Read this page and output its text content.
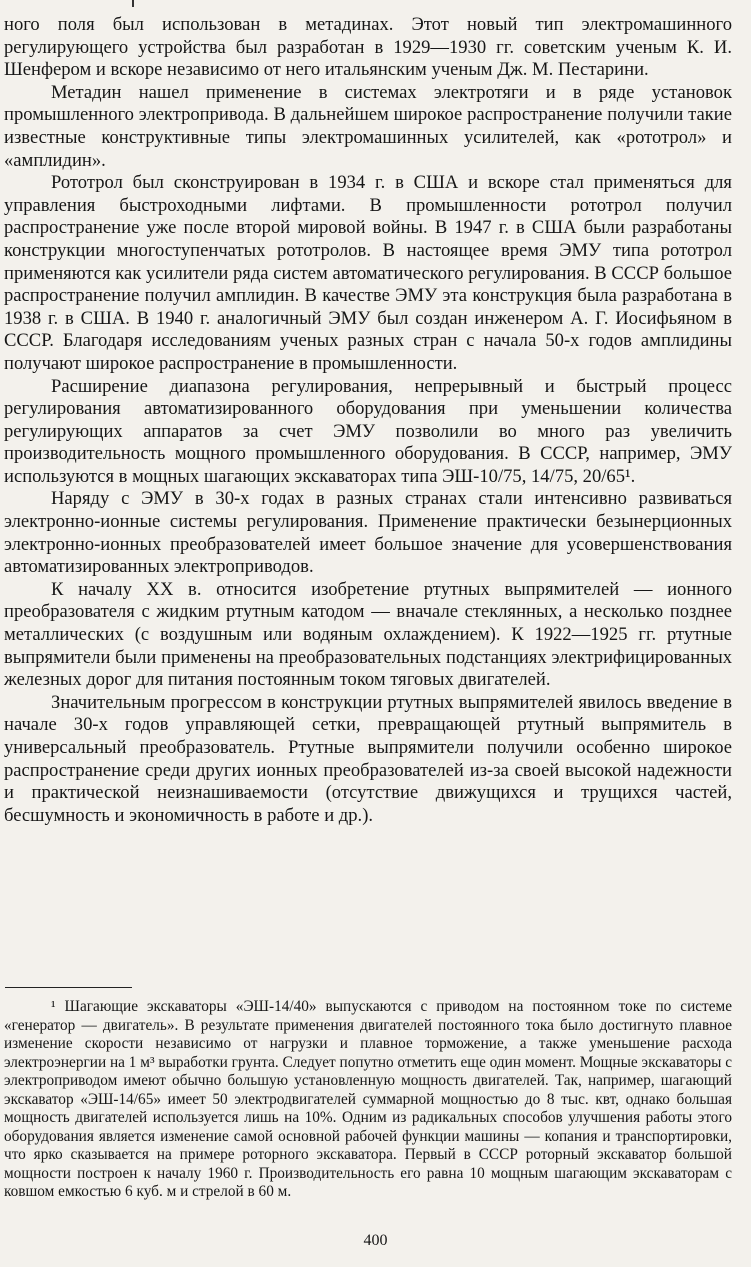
ного поля был использован в метадинах. Этот новый тип электромашинного регулирующего устройства был разработан в 1929—1930 гг. советским ученым К. И. Шенфером и вскоре независимо от него итальянским ученым Дж. М. Пестарини.

Метадин нашел применение в системах электротяги и в ряде установок промышленного электропривода. В дальнейшем широкое распространение получили такие известные конструктивные типы электромашинных усилителей, как «рототрол» и «амплидин».

Рототрол был сконструирован в 1934 г. в США и вскоре стал применяться для управления быстроходными лифтами. В промышленности рототрол получил распространение уже после второй мировой войны. В 1947 г. в США были разработаны конструкции многоступенчатых рототролов. В настоящее время ЭМУ типа рототрол применяются как усилители ряда систем автоматического регулирования. В СССР большое распространение получил амплидин. В качестве ЭМУ эта конструкция была разработана в 1938 г. в США. В 1940 г. аналогичный ЭМУ был создан инженером А. Г. Иосифьяном в СССР. Благодаря исследованиям ученых разных стран с начала 50-х годов амплидины получают широкое распространение в промышленности.

Расширение диапазона регулирования, непрерывный и быстрый процесс регулирования автоматизированного оборудования при уменьшении количества регулирующих аппаратов за счет ЭМУ позволили во много раз увеличить производительность мощного промышленного оборудования. В СССР, например, ЭМУ используются в мощных шагающих экскаваторах типа ЭШ-10/75, 14/75, 20/65¹.

Наряду с ЭМУ в 30-х годах в разных странах стали интенсивно развиваться электронно-ионные системы регулирования. Применение практически безынерционных электронно-ионных преобразователей имеет большое значение для усовершенствования автоматизированных электроприводов.

К началу XX в. относится изобретение ртутных выпрямителей — ионного преобразователя с жидким ртутным катодом — вначале стеклянных, а несколько позднее металлических (с воздушным или водяным охлаждением). К 1922—1925 гг. ртутные выпрямители были применены на преобразовательных подстанциях электрифицированных железных дорог для питания постоянным током тяговых двигателей.

Значительным прогрессом в конструкции ртутных выпрямителей явилось введение в начале 30-х годов управляющей сетки, превращающей ртутный выпрямитель в универсальный преобразователь. Ртутные выпрямители получили особенно широкое распространение среди других ионных преобразователей из-за своей высокой надежности и практической неизнашиваемости (отсутствие движущихся и трущихся частей, бесшумность и экономичность в работе и др.).

¹ Шагающие экскаваторы «ЭШ-14/40» выпускаются с приводом на постоянном токе по системе «генератор — двигатель». В результате применения двигателей постоянного тока было достигнуто плавное изменение скорости независимо от нагрузки и плавное торможение, а также уменьшение расхода электроэнергии на 1 м³ выработки грунта. Следует попутно отметить еще один момент. Мощные экскаваторы с электроприводом имеют обычно большую установленную мощность двигателей. Так, например, шагающий экскаватор «ЭШ-14/65» имеет 50 электродвигателей суммарной мощностью до 8 тыс. квт, однако большая мощность двигателей используется лишь на 10%. Одним из радикальных способов улучшения работы этого оборудования является изменение самой основной рабочей функции машины — копания и транспортировки, что ярко сказывается на примере роторного экскаватора. Первый в СССР роторный экскаватор большой мощности построен к началу 1960 г. Производительность его равна 10 мощным шагающим экскаваторам с ковшом емкостью 6 куб. м и стрелой в 60 м.

400
